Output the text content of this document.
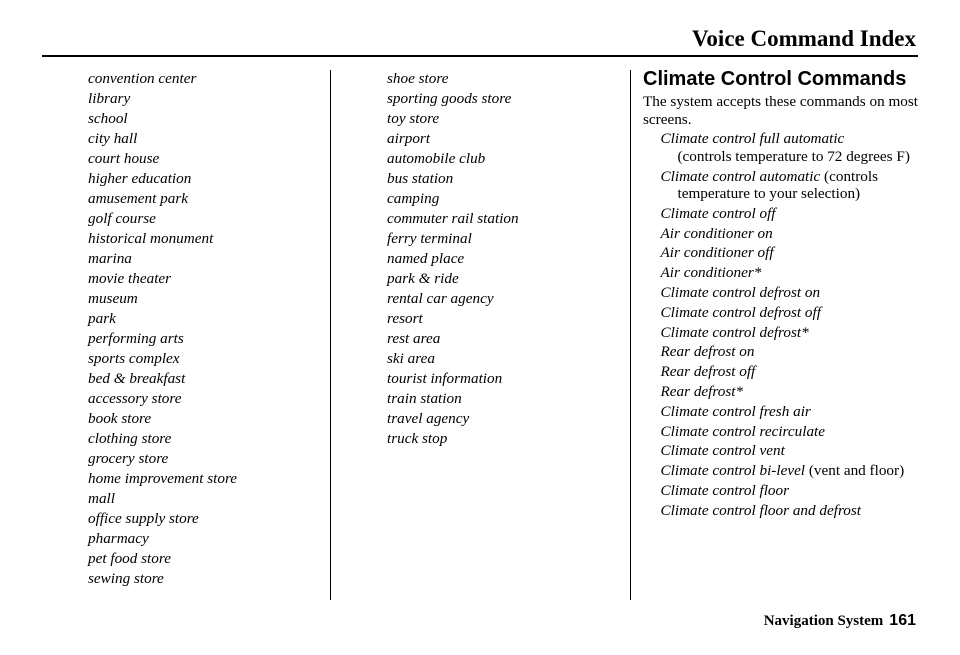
Voice Command Index
convention center
library
school
city hall
court house
higher education
amusement park
golf course
historical monument
marina
movie theater
museum
park
performing arts
sports complex
bed & breakfast
accessory store
book store
clothing store
grocery store
home improvement store
mall
office supply store
pharmacy
pet food store
sewing store
shoe store
sporting goods store
toy store
airport
automobile club
bus station
camping
commuter rail station
ferry terminal
named place
park & ride
rental car agency
resort
rest area
ski area
tourist information
train station
travel agency
truck stop
Climate Control Commands
The system accepts these commands on most screens.
Climate control full automatic
(controls temperature to 72 degrees F)
Climate control automatic (controls temperature to your selection)
Climate control off
Air conditioner on
Air conditioner off
Air conditioner*
Climate control defrost on
Climate control defrost off
Climate control defrost*
Rear defrost on
Rear defrost off
Rear defrost*
Climate control fresh air
Climate control recirculate
Climate control vent
Climate control bi-level (vent and floor)
Climate control floor
Climate control floor and defrost
Navigation System 161
